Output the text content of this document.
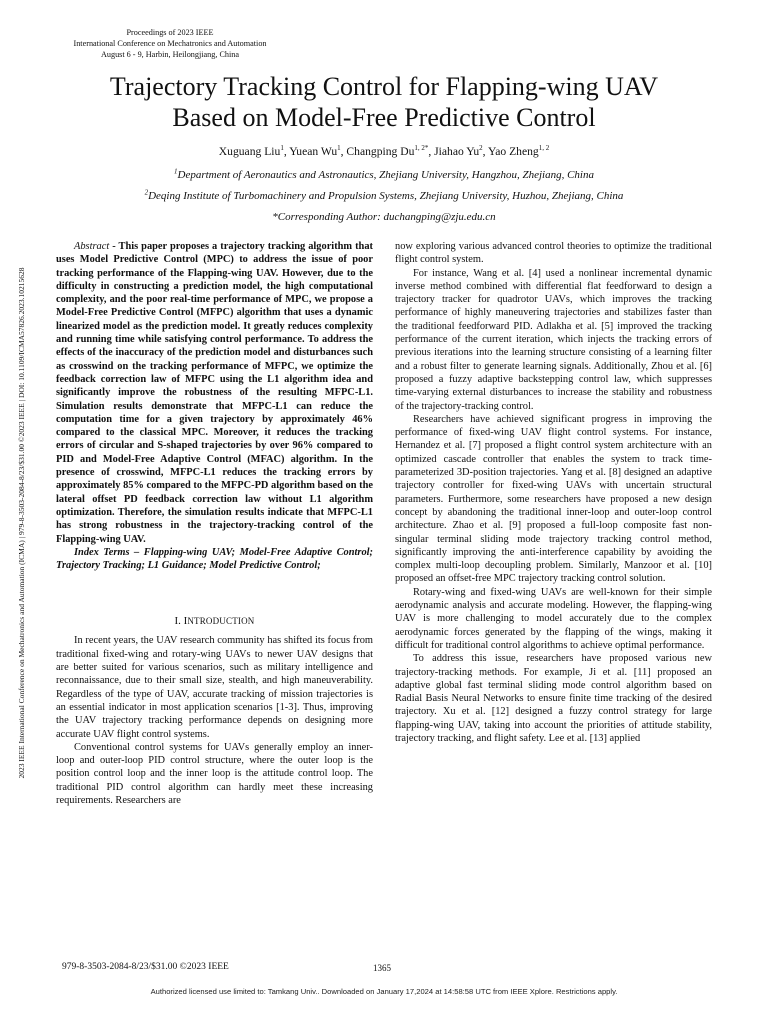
Proceedings of 2023 IEEE
International Conference on Mechatronics and Automation
August 6 - 9, Harbin, Heilongjiang, China
Trajectory Tracking Control for Flapping-wing UAV
Based on Model-Free Predictive Control
Xuguang Liu$^1$, Yuean Wu$^1$, Changping $Du^{1, 2*}$, Jiahao Yu$^2$, Yao Zheng$^{1, 2}$
$^1$Department of Aeronautics and Astronautics, Zhejiang University, Hangzhou, Zhejiang, China
$^2$Deqing Institute of Turbomachinery and Propulsion Systems, Zhejiang University, Huzhou, Zhejiang, China
*Corresponding Author: duchangping@zju.edu.cn
2023 IEEE International Conference on Mechatronics and Automation (ICMA) | 979-8-3503-2084-8/23/$31.00 ©2023 IEEE | DOI: 10.1109/ICMA57826.2023.10215628

Abstract - This paper proposes a trajectory tracking algorithm that uses Model Predictive Control (MPC) to address the issue of poor tracking performance of the Flapping-wing UAV. However, due to the difficulty in constructing a prediction model, the high computational complexity, and the poor real-time performance of MPC, we propose a Model-Free Predictive Control (MFPC) algorithm that uses a dynamic linearized model as the prediction model. It greatly reduces complexity and running time while satisfying control performance. To address the effects of the inaccuracy of the prediction model and disturbances such as crosswind on the tracking performance of MFPC, we optimize the feedback correction law of MFPC using the L1 algorithm idea and significantly improve the robustness of the resulting MFPC-L1. Simulation results demonstrate that MFPC-L1 can reduce the computation time for a given trajectory by approximately 46% compared to the classical MPC. Moreover, it reduces the tracking errors of circular and S-shaped trajectories by over 96% compared to PID and Model-Free Adaptive Control (MFAC) algorithm. In the presence of crosswind, MFPC-L1 reduces the tracking errors by approximately 85% compared to the MFPC-PD algorithm based on the lateral offset PD feedback correction law without L1 algorithm optimization. Therefore, the simulation results indicate that MFPC-L1 has strong robustness in the trajectory-tracking control of the Flapping-wing UAV.

Index Terms – Flapping-wing UAV; Model-Free Adaptive Control; Trajectory Tracking; L1 Guidance; Model Predictive Control;

I. INTRODUCTION

In recent years, the UAV research community has shifted its focus from traditional fixed-wing and rotary-wing UAVs to newer UAV designs that are better suited for various scenarios, such as military intelligence and reconnaissance, due to their small size, stealth, and high maneuverability. Regardless of the type of UAV, accurate tracking of mission trajectories is an essential indicator in most application scenarios [1-3]. Thus, improving the UAV trajectory tracking performance depends on designing more accurate UAV flight control systems.

Conventional control systems for UAVs generally employ an inner-loop and outer-loop PID control structure, where the outer loop is the position control loop and the inner loop is the attitude control loop. The traditional PID control algorithm can hardly meet these increasing requirements. Researchers are

now exploring various advanced control theories to optimize the traditional flight control system.

For instance, Wang et al. [4] used a nonlinear incremental dynamic inverse method combined with differential flat feedforward to design a trajectory tracker for quadrotor UAVs, which improves the tracking performance of highly maneuvering trajectories and stabilizes faster than the traditional feedforward PID. Adlakha et al. [5] improved the tracking performance of the current iteration, which injects the tracking errors of previous iterations into the learning structure consisting of a learning filter and a robust filter to generate learning signals. Additionally, Zhou et al. [6] proposed a fuzzy adaptive backstepping control law, which suppresses time-varying external disturbances to increase the stability and robustness of the trajectory-tracking control.

Researchers have achieved significant progress in improving the performance of fixed-wing UAV flight control systems. For instance, Hernandez et al. [7] proposed a flight control system architecture with an optimized cascade controller that enables the system to track time-parameterized 3D-position trajectories. Yang et al. [8] designed an adaptive trajectory controller for fixed-wing UAVs with uncertain structural parameters. Furthermore, some researchers have proposed a new design concept by abandoning the traditional inner-loop and outer-loop control architecture. Zhao et al. [9] proposed a full-loop composite fast non-singular terminal sliding mode trajectory tracking control method, significantly improving the anti-interference capability by avoiding the complex multi-loop decoupling problem. Similarly, Manzoor et al. [10] proposed an offset-free MPC trajectory tracking control solution.

Rotary-wing and fixed-wing UAVs are well-known for their simple aerodynamic analysis and accurate modeling. However, the flapping-wing UAV is more challenging to model accurately due to the complex aerodynamic forces generated by the flapping of the wings, making it difficult for traditional control algorithms to achieve optimal performance.

To address this issue, researchers have proposed various new trajectory-tracking methods. For example, Ji et al. [11] proposed an adaptive global fast terminal sliding mode control algorithm based on Radial Basis Neural Networks to ensure finite time tracking of the desired trajectory. Xu et al. [12] designed a fuzzy control strategy for large flapping-wing UAV, taking into account the priorities of attitude stability, trajectory tracking, and flight safety. Lee et al. [13] applied

979-8-3503-2084-8/23/$31.00 ©2023 IEEE	1365
Authorized licensed use limited to: Tamkang Univ.. Downloaded on January 17,2024 at 14:58:58 UTC from IEEE Xplore. Restrictions apply.
